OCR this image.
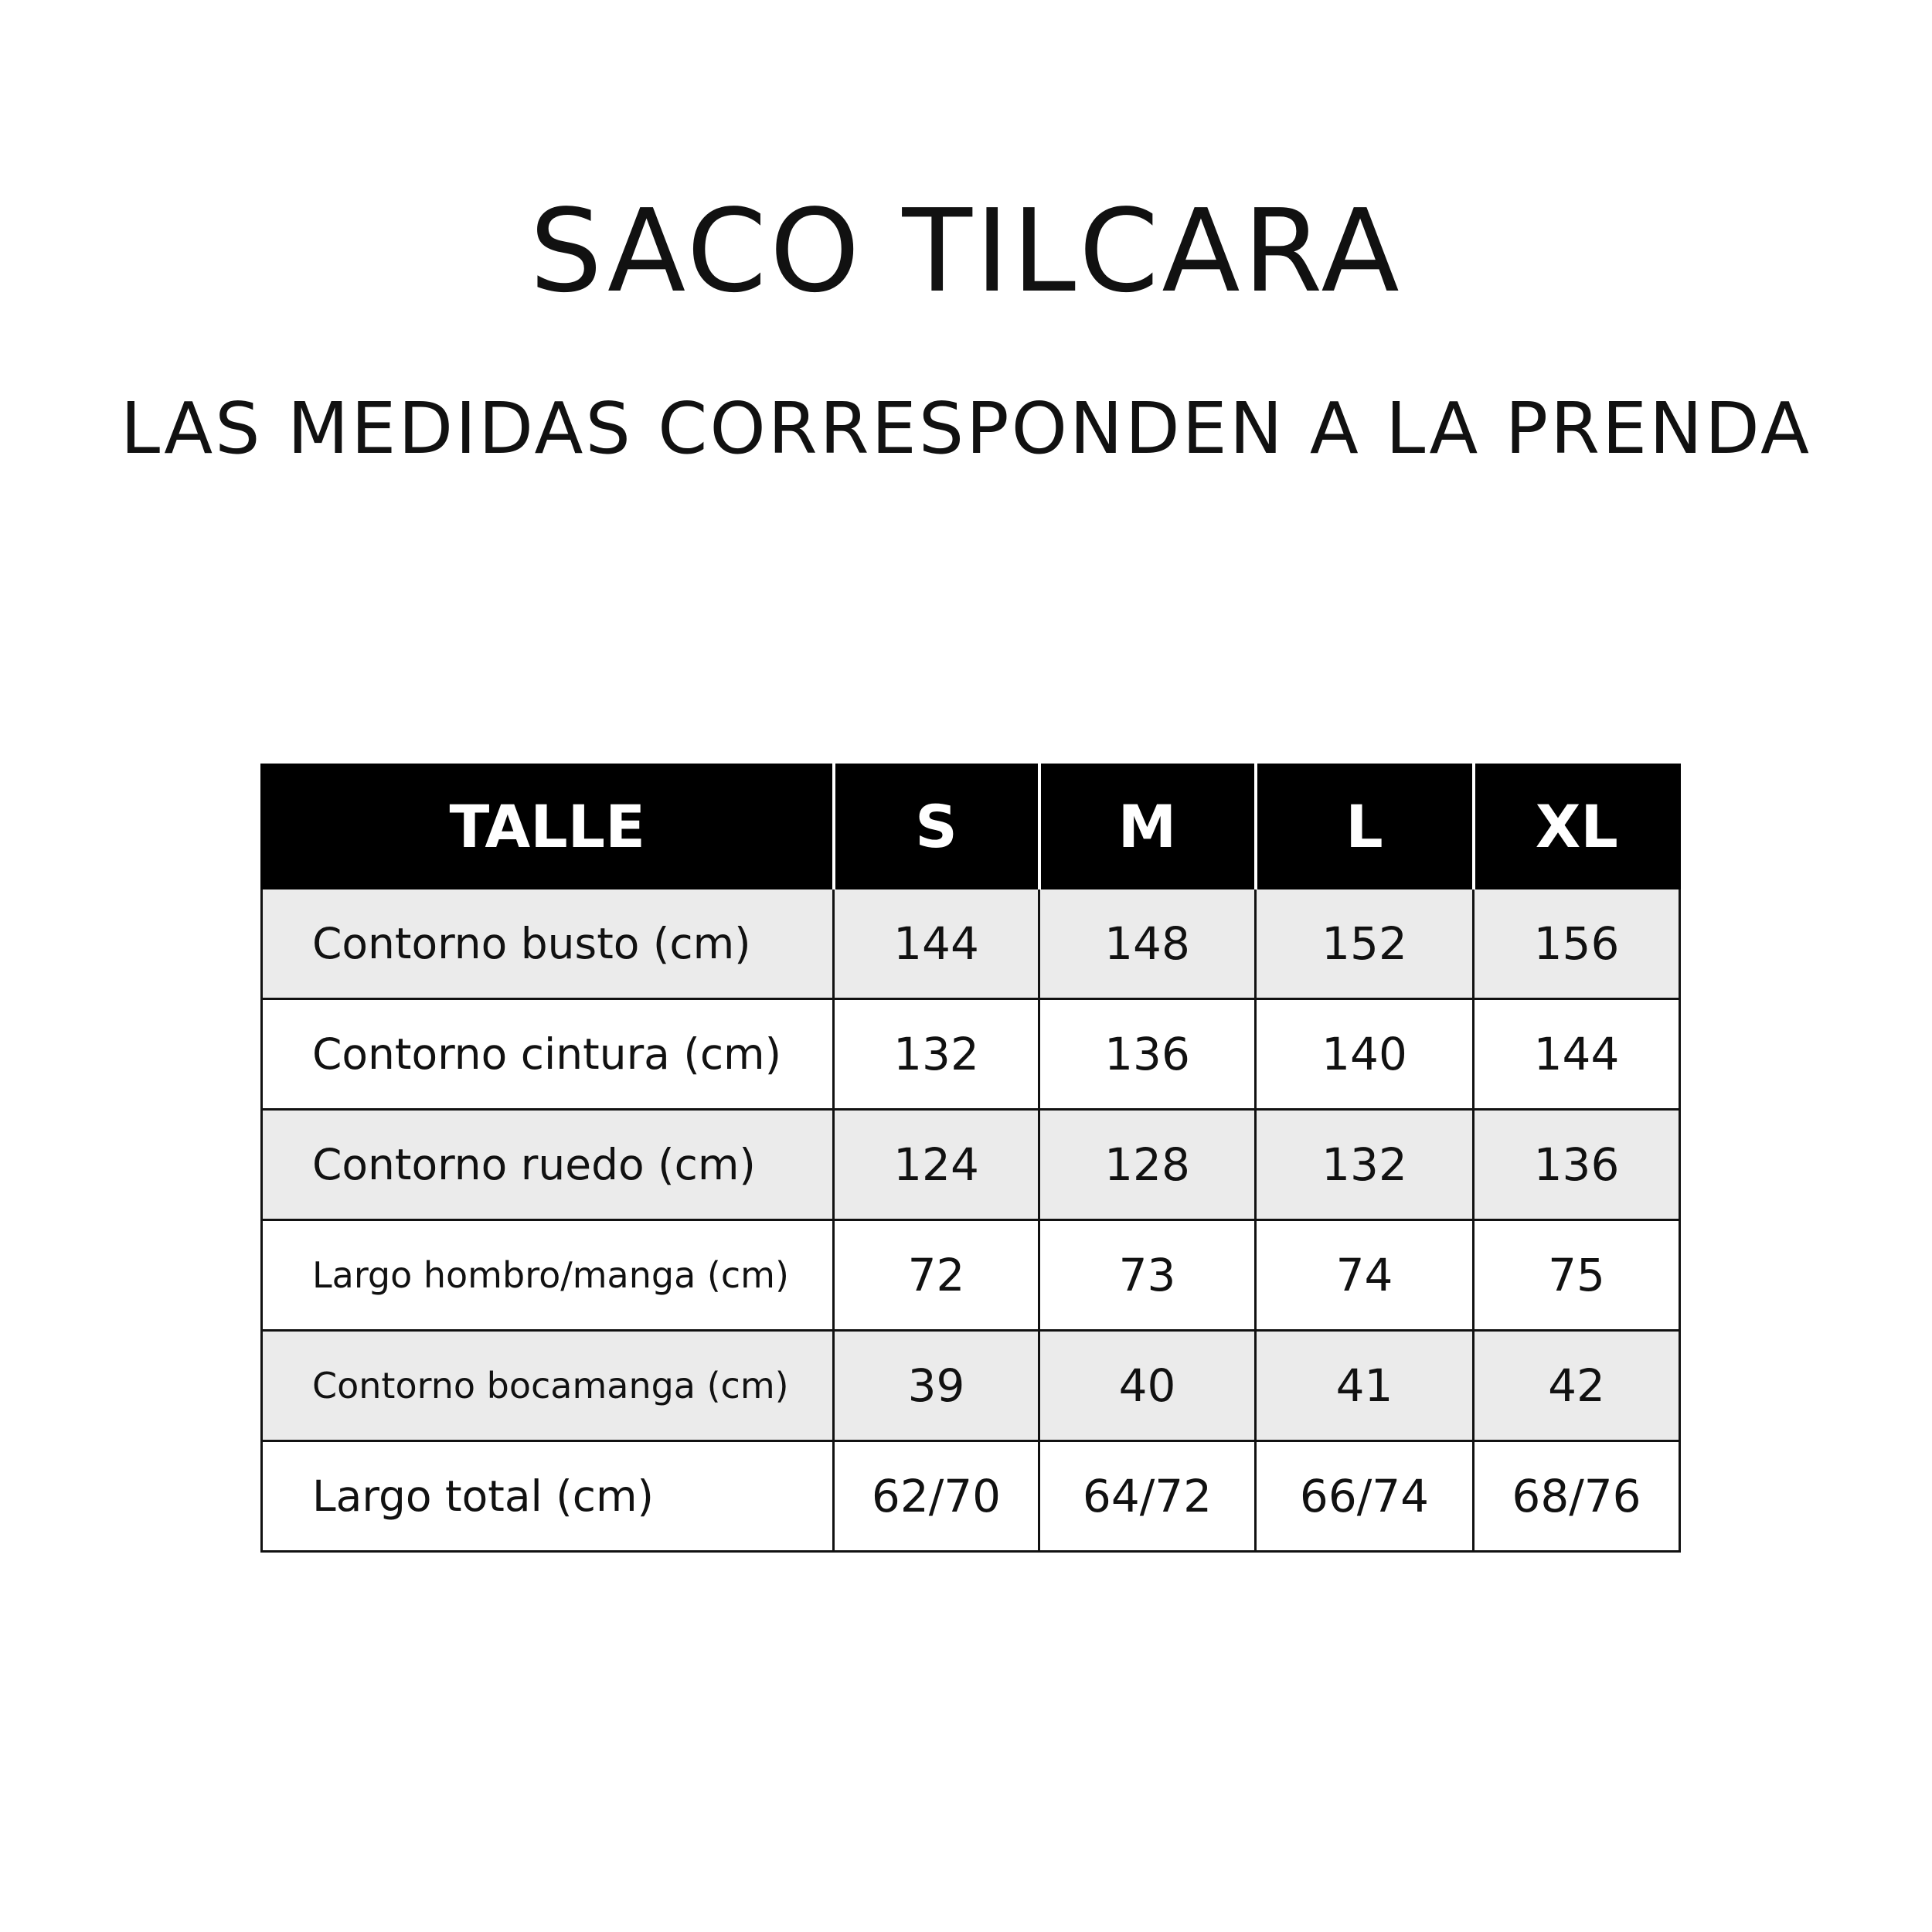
SACO TILCARA
LAS MEDIDAS CORRESPONDEN A LA PRENDA
TALLE	S	M	L	XL
Contorno busto (cm)	144	148	152	156
Contorno cintura (cm)	132	136	140	144
Contorno ruedo (cm)	124	128	132	136
Largo hombro/manga (cm)	72	73	74	75
Contorno bocamanga (cm)	39	40	41	42
Largo total (cm)	62/70	64/72	66/74	68/76
